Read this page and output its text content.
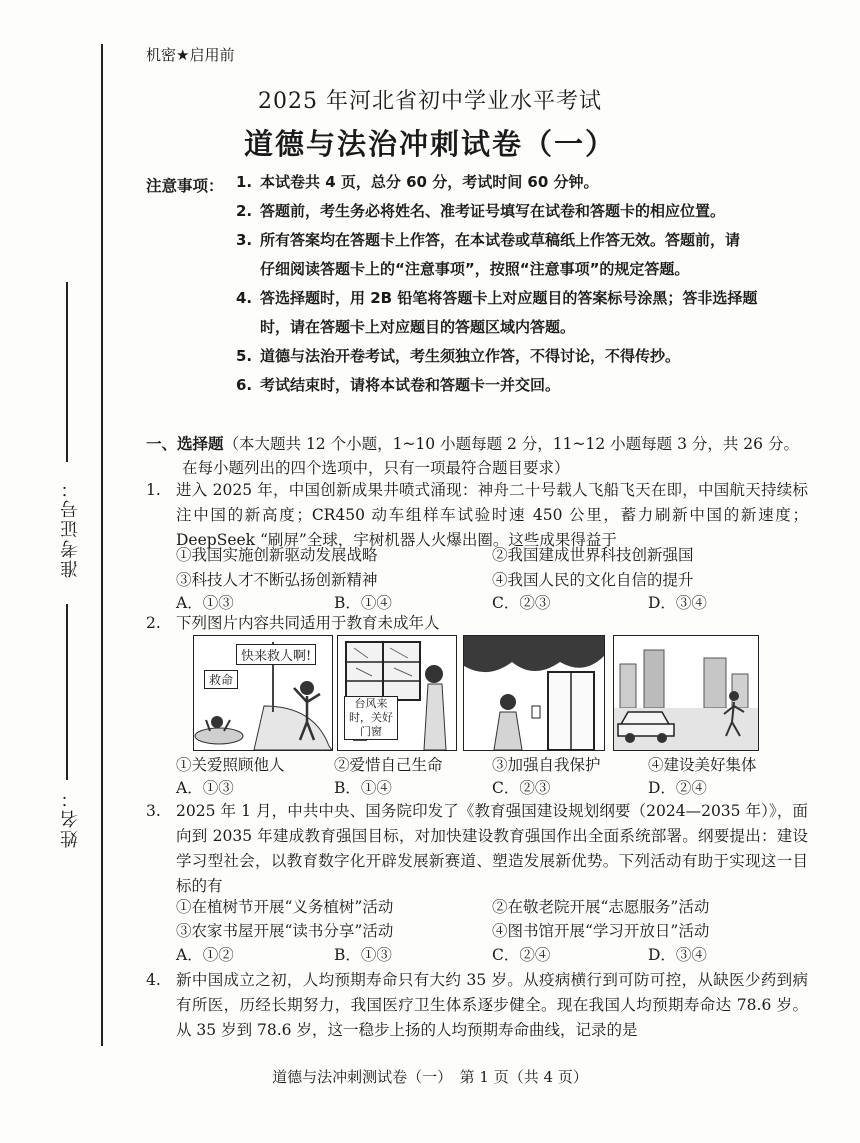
准考证号：
姓名：
机密★启用前
2025 年河北省初中学业水平考试
道德与法治冲刺试卷（一）
注意事项： 1. 本试卷共 4 页，总分 60 分，考试时间 60 分钟。
2. 答题前，考生务必将姓名、准考证号填写在试卷和答题卡的相应位置。
3. 所有答案均在答题卡上作答，在本试卷或草稿纸上作答无效。答题前，请
仔细阅读答题卡上的“注意事项”，按照“注意事项”的规定答题。
4. 答选择题时，用 2B 铅笔将答题卡上对应题目的答案标号涂黑；答非选择题
时，请在答题卡上对应题目的答题区域内答题。
5. 道德与法治开卷考试，考生须独立作答，不得讨论，不得传抄。
6. 考试结束时，请将本试卷和答题卡一并交回。
一、选择题（本大题共 12 个小题，1~10 小题每题 2 分，11~12 小题每题 3 分，共 26 分。
在每小题列出的四个选项中，只有一项最符合题目要求）
1. 进入 2025 年，中国创新成果井喷式涌现：神舟二十号载人飞船飞天在即，中国航天持续标注中国的新高度；CR450 动车组样车试验时速 450 公里，蓄力刷新中国的新速度；DeepSeek “刷屏”全球，宇树机器人火爆出圈。这些成果得益于
①我国实施创新驱动发展战略	②我国建成世界科技创新强国
③科技人才不断弘扬创新精神	④我国人民的文化自信的提升
A．①③	B．①④	C．②③	D．③④
2. 下列图片内容共同适用于教育未成年人
快来救人啊!
救命
台风来时，关好门窗
①关爱照顾他人	②爱惜自己生命	③加强自我保护	④建设美好集体
A．①③	B．①④	C．②③	D．②④
3. 2025 年 1 月，中共中央、国务院印发了《教育强国建设规划纲要（2024—2035 年）》，面向到 2035 年建成教育强国目标，对加快建设教育强国作出全面系统部署。纲要提出：建设学习型社会，以教育数字化开辟发展新赛道、塑造发展新优势。下列活动有助于实现这一目标的有
①在植树节开展“义务植树”活动	②在敬老院开展“志愿服务”活动
③农家书屋开展“读书分享”活动	④图书馆开展“学习开放日”活动
A．①②	B．①③	C．②④	D．③④
4. 新中国成立之初，人均预期寿命只有大约 35 岁。从疫病横行到可防可控，从缺医少药到病有所医，历经长期努力，我国医疗卫生体系逐步健全。现在我国人均预期寿命达 78.6 岁。从 35 岁到 78.6 岁，这一稳步上扬的人均预期寿命曲线，记录的是
道德与法冲刺测试卷（一）　第 1 页（共 4 页）
